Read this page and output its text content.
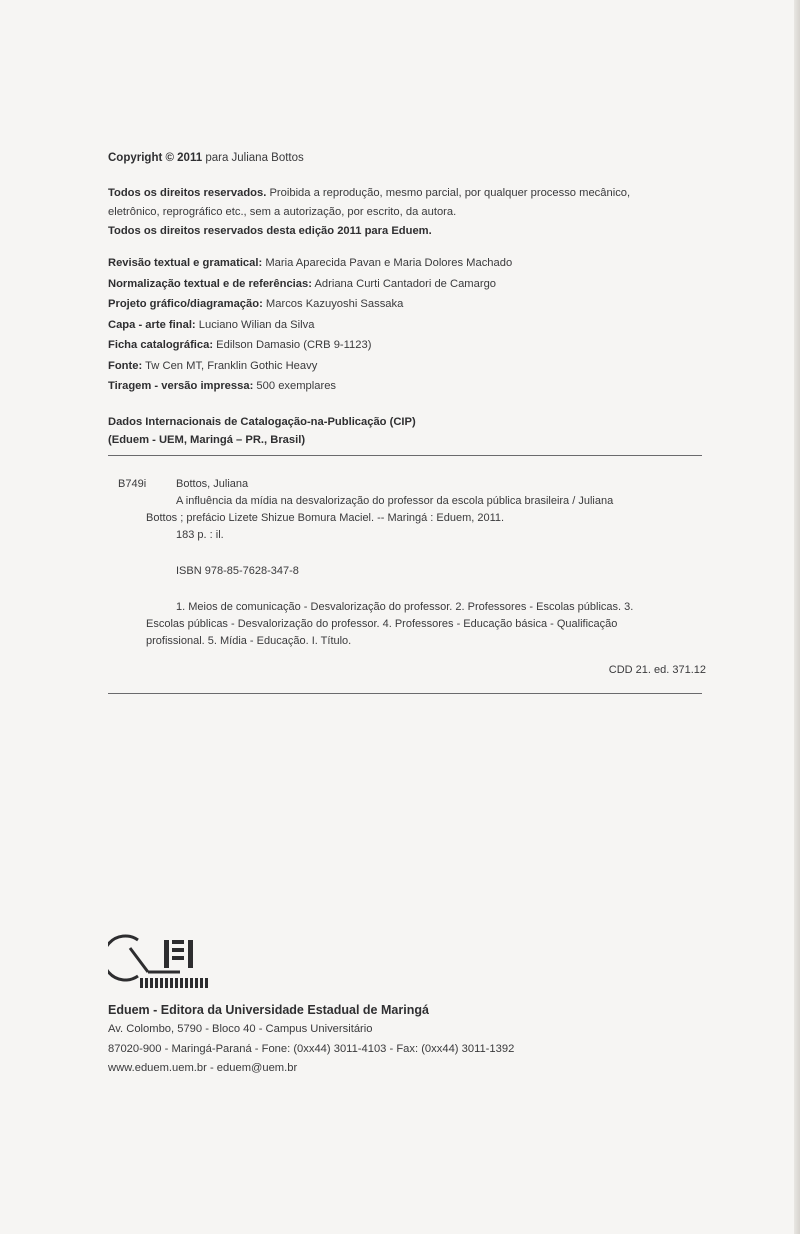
Copyright © 2011 para Juliana Bottos
Todos os direitos reservados. Proibida a reprodução, mesmo parcial, por qualquer processo mecânico,
eletrônico, reprográfico etc., sem a autorização, por escrito, da autora.
Todos os direitos reservados desta edição 2011 para Eduem.
Revisão textual e gramatical: Maria Aparecida Pavan e Maria Dolores Machado
Normalização textual e de referências: Adriana Curti Cantadori de Camargo
Projeto gráfico/diagramação: Marcos Kazuyoshi Sassaka
Capa - arte final: Luciano Wilian da Silva
Ficha catalográfica: Edilson Damasio (CRB 9-1123)
Fonte: Tw Cen MT, Franklin Gothic Heavy
Tiragem - versão impressa: 500 exemplares
Dados Internacionais de Catalogação-na-Publicação (CIP)
(Eduem - UEM, Maringá – PR., Brasil)
B749i	Bottos, Juliana
A influência da mídia na desvalorização do professor da escola pública brasileira / Juliana
Bottos ; prefácio Lizete Shizue Bomura Maciel. -- Maringá : Eduem, 2011.
183 p. : il.
ISBN 978-85-7628-347-8
1. Meios de comunicação - Desvalorização do professor. 2. Professores - Escolas públicas. 3.
Escolas públicas - Desvalorização do professor. 4. Professores - Educação básica - Qualificação
profissional. 5. Mídia - Educação. I. Título.
CDD 21. ed. 371.12
Eduem - Editora da Universidade Estadual de Maringá
Av. Colombo, 5790 - Bloco 40 - Campus Universitário
87020-900 - Maringá-Paraná - Fone: (0xx44) 3011-4103 - Fax: (0xx44) 3011-1392
www.eduem.uem.br - eduem@uem.br
